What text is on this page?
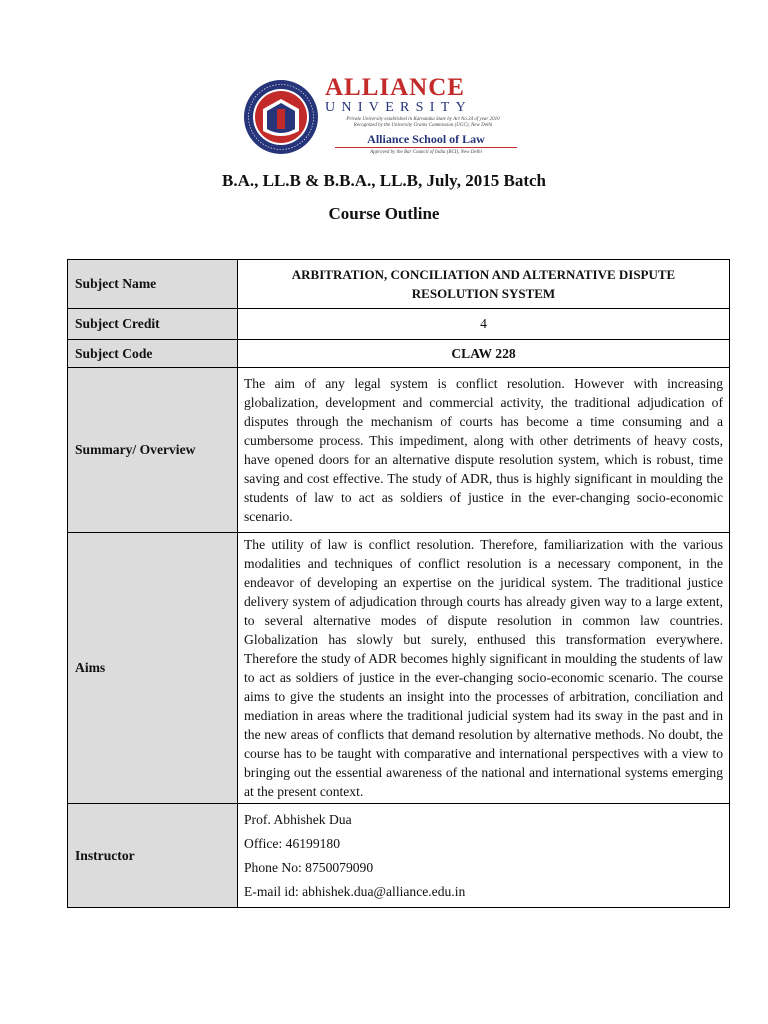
ALLIANCE
UNIVERSITY
Private University established in Karnataka State by Act No.34 of year 2010
Recognized by the University Grants Commission (UGC), New Delhi
Alliance School of Law
Approved by the Bar Council of India (BCI), New Delhi
B.A., LL.B & B.B.A., LL.B, July, 2015 Batch
Course Outline
Subject Name	ARBITRATION, CONCILIATION AND ALTERNATIVE DISPUTE
RESOLUTION SYSTEM

Subject Credit	4
Subject Code	CLAW 228
Summary/ Overview	The aim of any legal system is conflict resolution. However with increasing globalization, development and commercial activity, the traditional adjudication of disputes through the mechanism of courts has become a time consuming and a cumbersome process. This impediment, along with other detriments of heavy costs, have opened doors for an alternative dispute resolution system, which is robust, time saving and cost effective. The study of ADR, thus is highly significant in moulding the students of law to act as soldiers of justice in the ever-changing socio-economic scenario.
Aims	The utility of law is conflict resolution. Therefore, familiarization with the various modalities and techniques of conflict resolution is a necessary component, in the endeavor of developing an expertise on the juridical system. The traditional justice delivery system of adjudication through courts has already given way to a large extent, to several alternative modes of dispute resolution in common law countries. Globalization has slowly but surely, enthused this transformation everywhere. Therefore the study of ADR becomes highly significant in moulding the students of law to act as soldiers of justice in the ever-changing socio-economic scenario. The course aims to give the students an insight into the processes of arbitration, conciliation and mediation in areas where the traditional judicial system had its sway in the past and in the new areas of conflicts that demand resolution by alternative methods. No doubt, the course has to be taught with comparative and international perspectives with a view to bringing out the essential awareness of the national and international systems emerging at the present context.
Instructor	Prof. Abhishek Dua
Office: 46199180
Phone No: 8750079090
E-mail id: abhishek.dua@alliance.edu.in
